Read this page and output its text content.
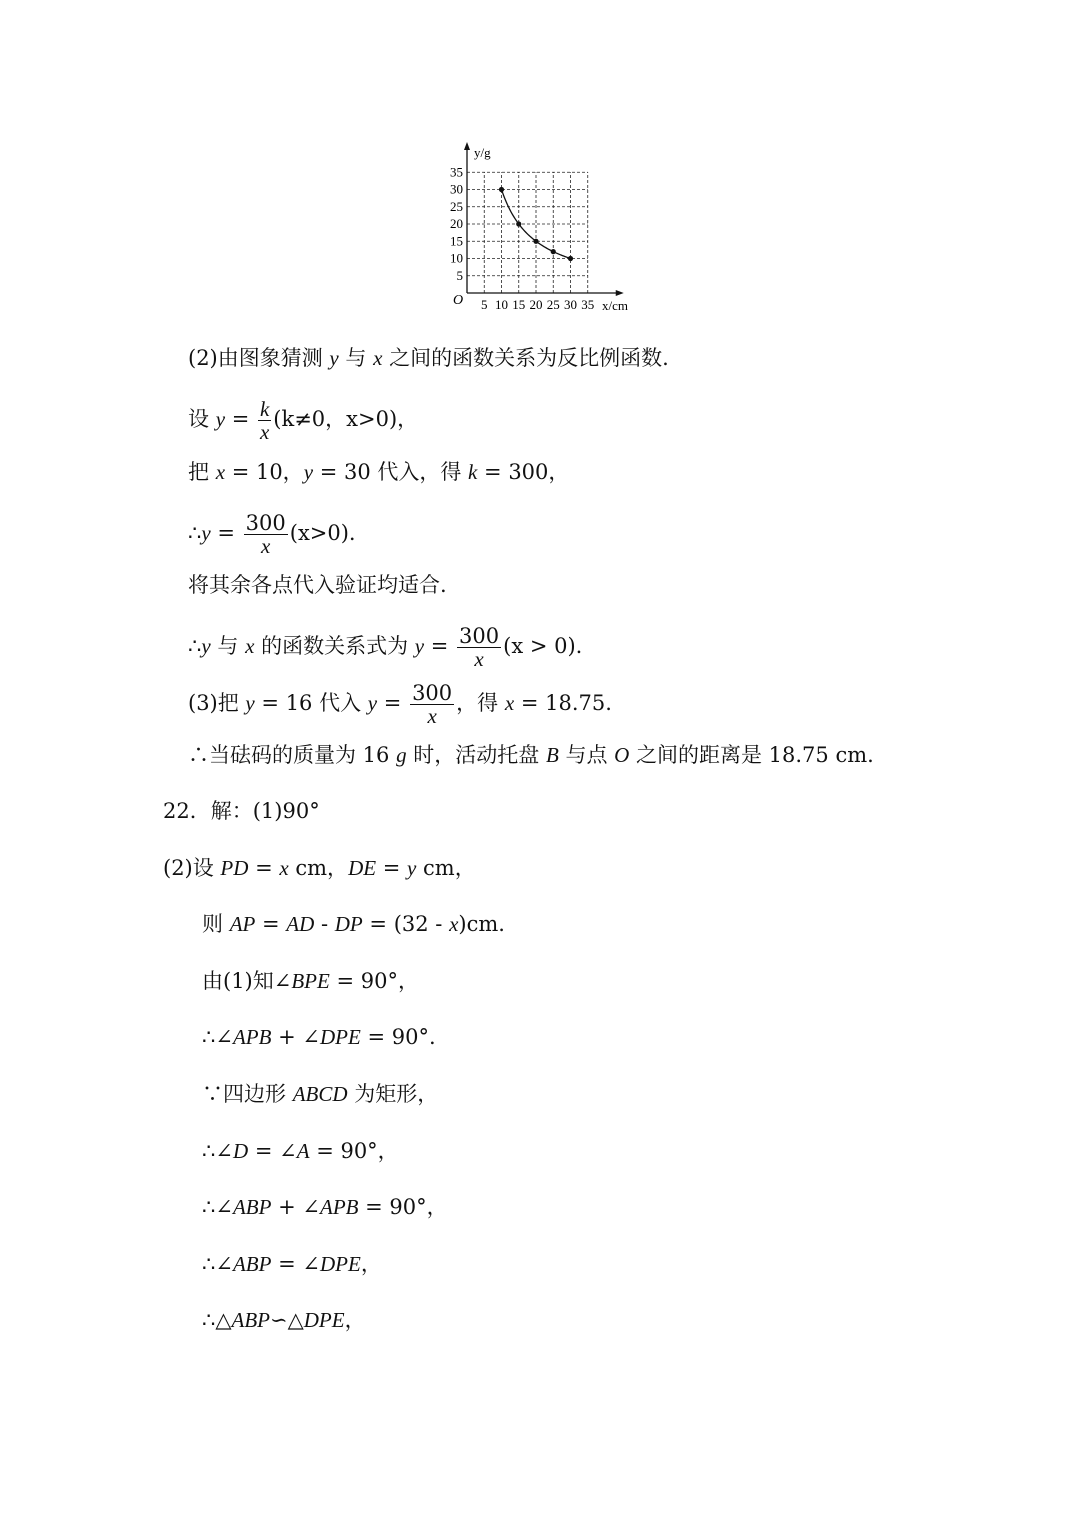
5 10 15 20 25 30 35
5
10
15
20
25
30
35
y/g
x/cm
O
(2)由图象猜测 y 与 x 之间的函数关系为反比例函数.
设 $y = \frac{k}{x} (k\ne 0$，x>0)，
把 x = 10，y = 30 代入，得 k = 300，
∴y = $\frac{300}{x} (x>0)$.
将其余各点代入验证均适合.
∴y 与 x 的函数关系式为 $y = \frac{300}{x} (x > 0)$.
(3)把 y = 16 代入 $y = \frac{300}{x}$ ，得 x = 18.75.
∴当砝码的质量为 16 g 时，活动托盘 B 与点 O 之间的距离是 18.75 cm.
22．解：(1)90°
(2)设 PD = x cm，DE = y cm，
则 AP = AD - DP = (32 - x)cm.
由(1)知∠BPE = 90°，
∴∠APB + ∠DPE = 90°.
∵四边形 ABCD 为矩形，
∴∠D = ∠A = 90°，
∴∠ABP + ∠APB = 90°，
∴∠ABP = ∠DPE，
∴△ABP∽△DPE，
